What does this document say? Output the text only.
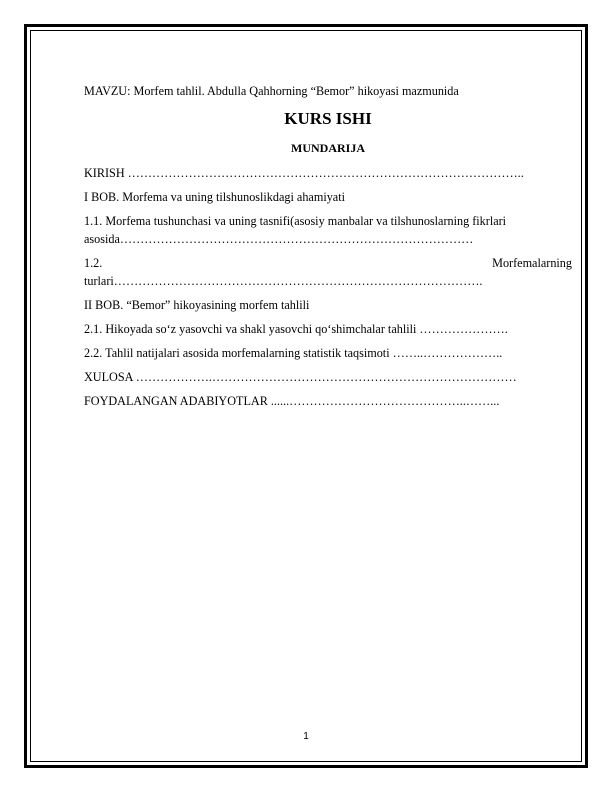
MAVZU: Morfem tahlil. Abdulla Qahhorning “Bemor” hikoyasi mazmunida
KURS ISHI
MUNDARIJA
KIRISH ……………………………………………………………………………………..
I BOB. Morfema va uning tilshunoslikdagi ahamiyati
1.1. Morfema tushunchasi va uning tasnifi(asosiy manbalar va tilshunoslarning fikrlari
asosida……………………………………………………………………………
1.2.	Morfemalarning
turlari……………………………………………………………………………….
II BOB. “Bemor” hikoyasining morfem tahlili
2.1. Hikoyada so‘z yasovchi va shakl yasovchi qo‘shimchalar tahlili ………………….
2.2. Tahlil natijalari asosida morfemalarning statistik taqsimoti ……..………………..
XULOSA ……………….…………………………………………………………………
FOYDALANGAN ADABIYOTLAR ......……………………………………..……...
1
